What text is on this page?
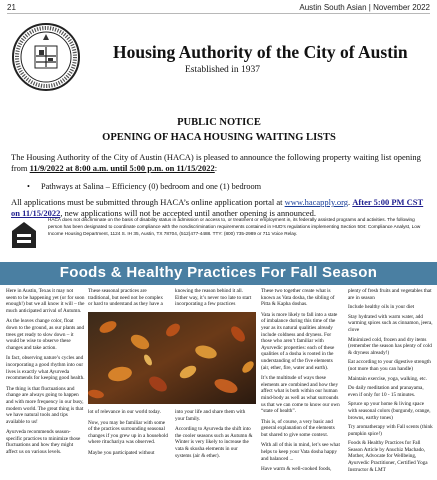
21	Austin South Asian | November 2022
Housing Authority of the City of Austin
Established in 1937
PUBLIC NOTICE
OPENING OF HACA HOUSING WAITING LISTS
The Housing Authority of the City of Austin (HACA) is pleased to announce the following property waiting list opening from 11/9/2022 at 8:00 a.m. until 5:00 p.m. on 11/15/2022:
• Pathways at Salina – Efficiency (0) bedroom and one (1) bedroom
All applications must be submitted through HACA’s online application portal at www.hacapply.org. After 5:00 PM CST on 11/15/2022, new applications will not be accepted until another opening is announced.
HACA does not discriminate on the basis of disability status in admission or access to, or treatment or employment in, its federally assisted programs and activities. The following person has been designated to coordinate compliance with the nondiscrimination requirements contained in HUD’s regulations implementing Section 504: Compliance Analyst, Low Income Housing Department, 1124 S. IH 35, Austin, TX 78704, (512)477-4488. TTY: (800) 735-2989 or 711 Voice Relay.
Foods & Healthy Practices For Fall Season

Here in Austin, Texas it may not seem to be happening yet (or for soon enough!) but we all know it will – the much anticipated arrival of Autumn.

As the leaves change color, float down to the ground, as our plants and trees get ready to slow down – it would be wise to observe these changes and take action.

In fact, observing nature’s cycles and incorporating a good rhythm into our lives is exactly what Ayurveda recommends for keeping good health.

The thing is that fluctuations and change are always going to happen and with more frequency in our busy, modern world. The great thing is that we have natural tools and tips available to us!

Ayurveda recommends season-specific practices to minimize those fluctuations and how they might affect us on various levels.

These seasonal practices are traditional, but need not be complex or hard to understand as they have a

knowing the reason behind it all. Either way, it’s never too late to start incorporating a few practices

lot of relevance in our world today.

Now, you may be familiar with some of the practices surrounding seasonal changes if you grew up in a household where rituchariya was observed.

Maybe you participated without

into your life and share them with your family.

According to Ayurveda the shift into the cooler seasons such as Autumn & Winter is very likely to increase the vata & skusha elements in our systems (air & ether).

These two together create what is known as Vata dosha, the sibling of Pitta & Kapha doshas.

Vata is more likely to fall into a state of imbalance during this time of the year as its natural qualities already include coldness and dryness. For those who aren’t familiar with Ayurvedic properties: each of these qualities of a dosha is rooted in the understanding of the five elements (air, ether, fire, water and earth).

It’s the multitude of ways these elements are combined and how they affect what is both within our human mind-body as well as what surrounds us that we can come to know our own “state of health”.

This is, of course, a very basic and general explanation of the elements but shared to give some context.

With all of this in mind, let’s see what helps to keep your Vata dosha happy and balanced ...

Have warm & well-cooked foods,

plenty of fresh fruits and vegetables that are in season

Include healthy oils in your diet

Stay hydrated with warm water, add warming spices such as cinnamon, jeera, clove

Minimized cold, frozen and dry items (remember the season has plenty of cold & dryness already!)

Eat according to your digestive strength (not more than you can handle)

Maintain exercise, yoga, walking, etc.

Do daily meditation and pranayama, even if only for 10 - 15 minutes.

Spruce up your home & living space with seasonal colors (burgundy, orange, browns, earthy tones)

Try aromatherapy with Fall scents (think pumpkin spice!)

Foods & Healthy Practices for Fall Season Article by Anuchiz Machado, Mother, Advocate for Wellbeing, Ayurvedic Practitioner, Certified Yoga Instructor & LMT
